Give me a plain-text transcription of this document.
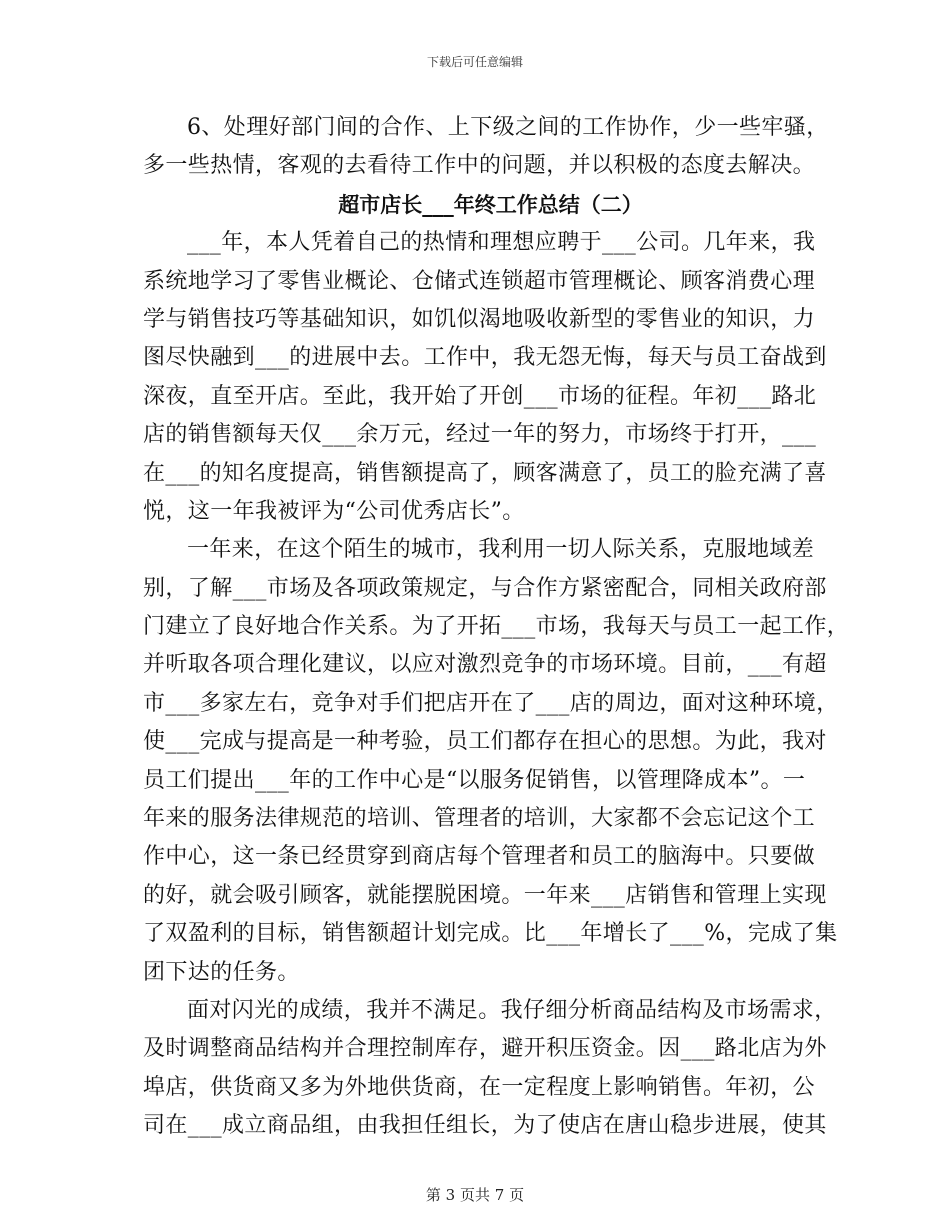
下载后可任意编辑
6、处理好部门间的合作、上下级之间的工作协作，少一些牢骚，
多一些热情，客观的去看待工作中的问题，并以积极的态度去解决。
超市店长___年终工作总结（二）
___年，本人凭着自己的热情和理想应聘于___公司。几年来，我
系统地学习了零售业概论、仓储式连锁超市管理概论、顾客消费心理
学与销售技巧等基础知识，如饥似渴地吸收新型的零售业的知识，力
图尽快融到___的进展中去。工作中，我无怨无悔，每天与员工奋战到
深夜，直至开店。至此，我开始了开创___市场的征程。年初___路北
店的销售额每天仅___余万元，经过一年的努力，市场终于打开，___
在___的知名度提高，销售额提高了，顾客满意了，员工的脸充满了喜
悦，这一年我被评为“公司优秀店长”。
一年来，在这个陌生的城市，我利用一切人际关系，克服地域差
别，了解___市场及各项政策规定，与合作方紧密配合，同相关政府部
门建立了良好地合作关系。为了开拓___市场，我每天与员工一起工作，
并听取各项合理化建议，以应对激烈竞争的市场环境。目前，___有超
市___多家左右，竞争对手们把店开在了___店的周边，面对这种环境，
使___完成与提高是一种考验，员工们都存在担心的思想。为此，我对
员工们提出___年的工作中心是“以服务促销售，以管理降成本”。一
年来的服务法律规范的培训、管理者的培训，大家都不会忘记这个工
作中心，这一条已经贯穿到商店每个管理者和员工的脑海中。只要做
的好，就会吸引顾客，就能摆脱困境。一年来___店销售和管理上实现
了双盈利的目标，销售额超计划完成。比___年增长了___%，完成了集
团下达的任务。
面对闪光的成绩，我并不满足。我仔细分析商品结构及市场需求，
及时调整商品结构并合理控制库存，避开积压资金。因___路北店为外
埠店，供货商又多为外地供货商，在一定程度上影响销售。年初，公
司在___成立商品组，由我担任组长，为了使店在唐山稳步进展，使其
第 3 页共 7 页
